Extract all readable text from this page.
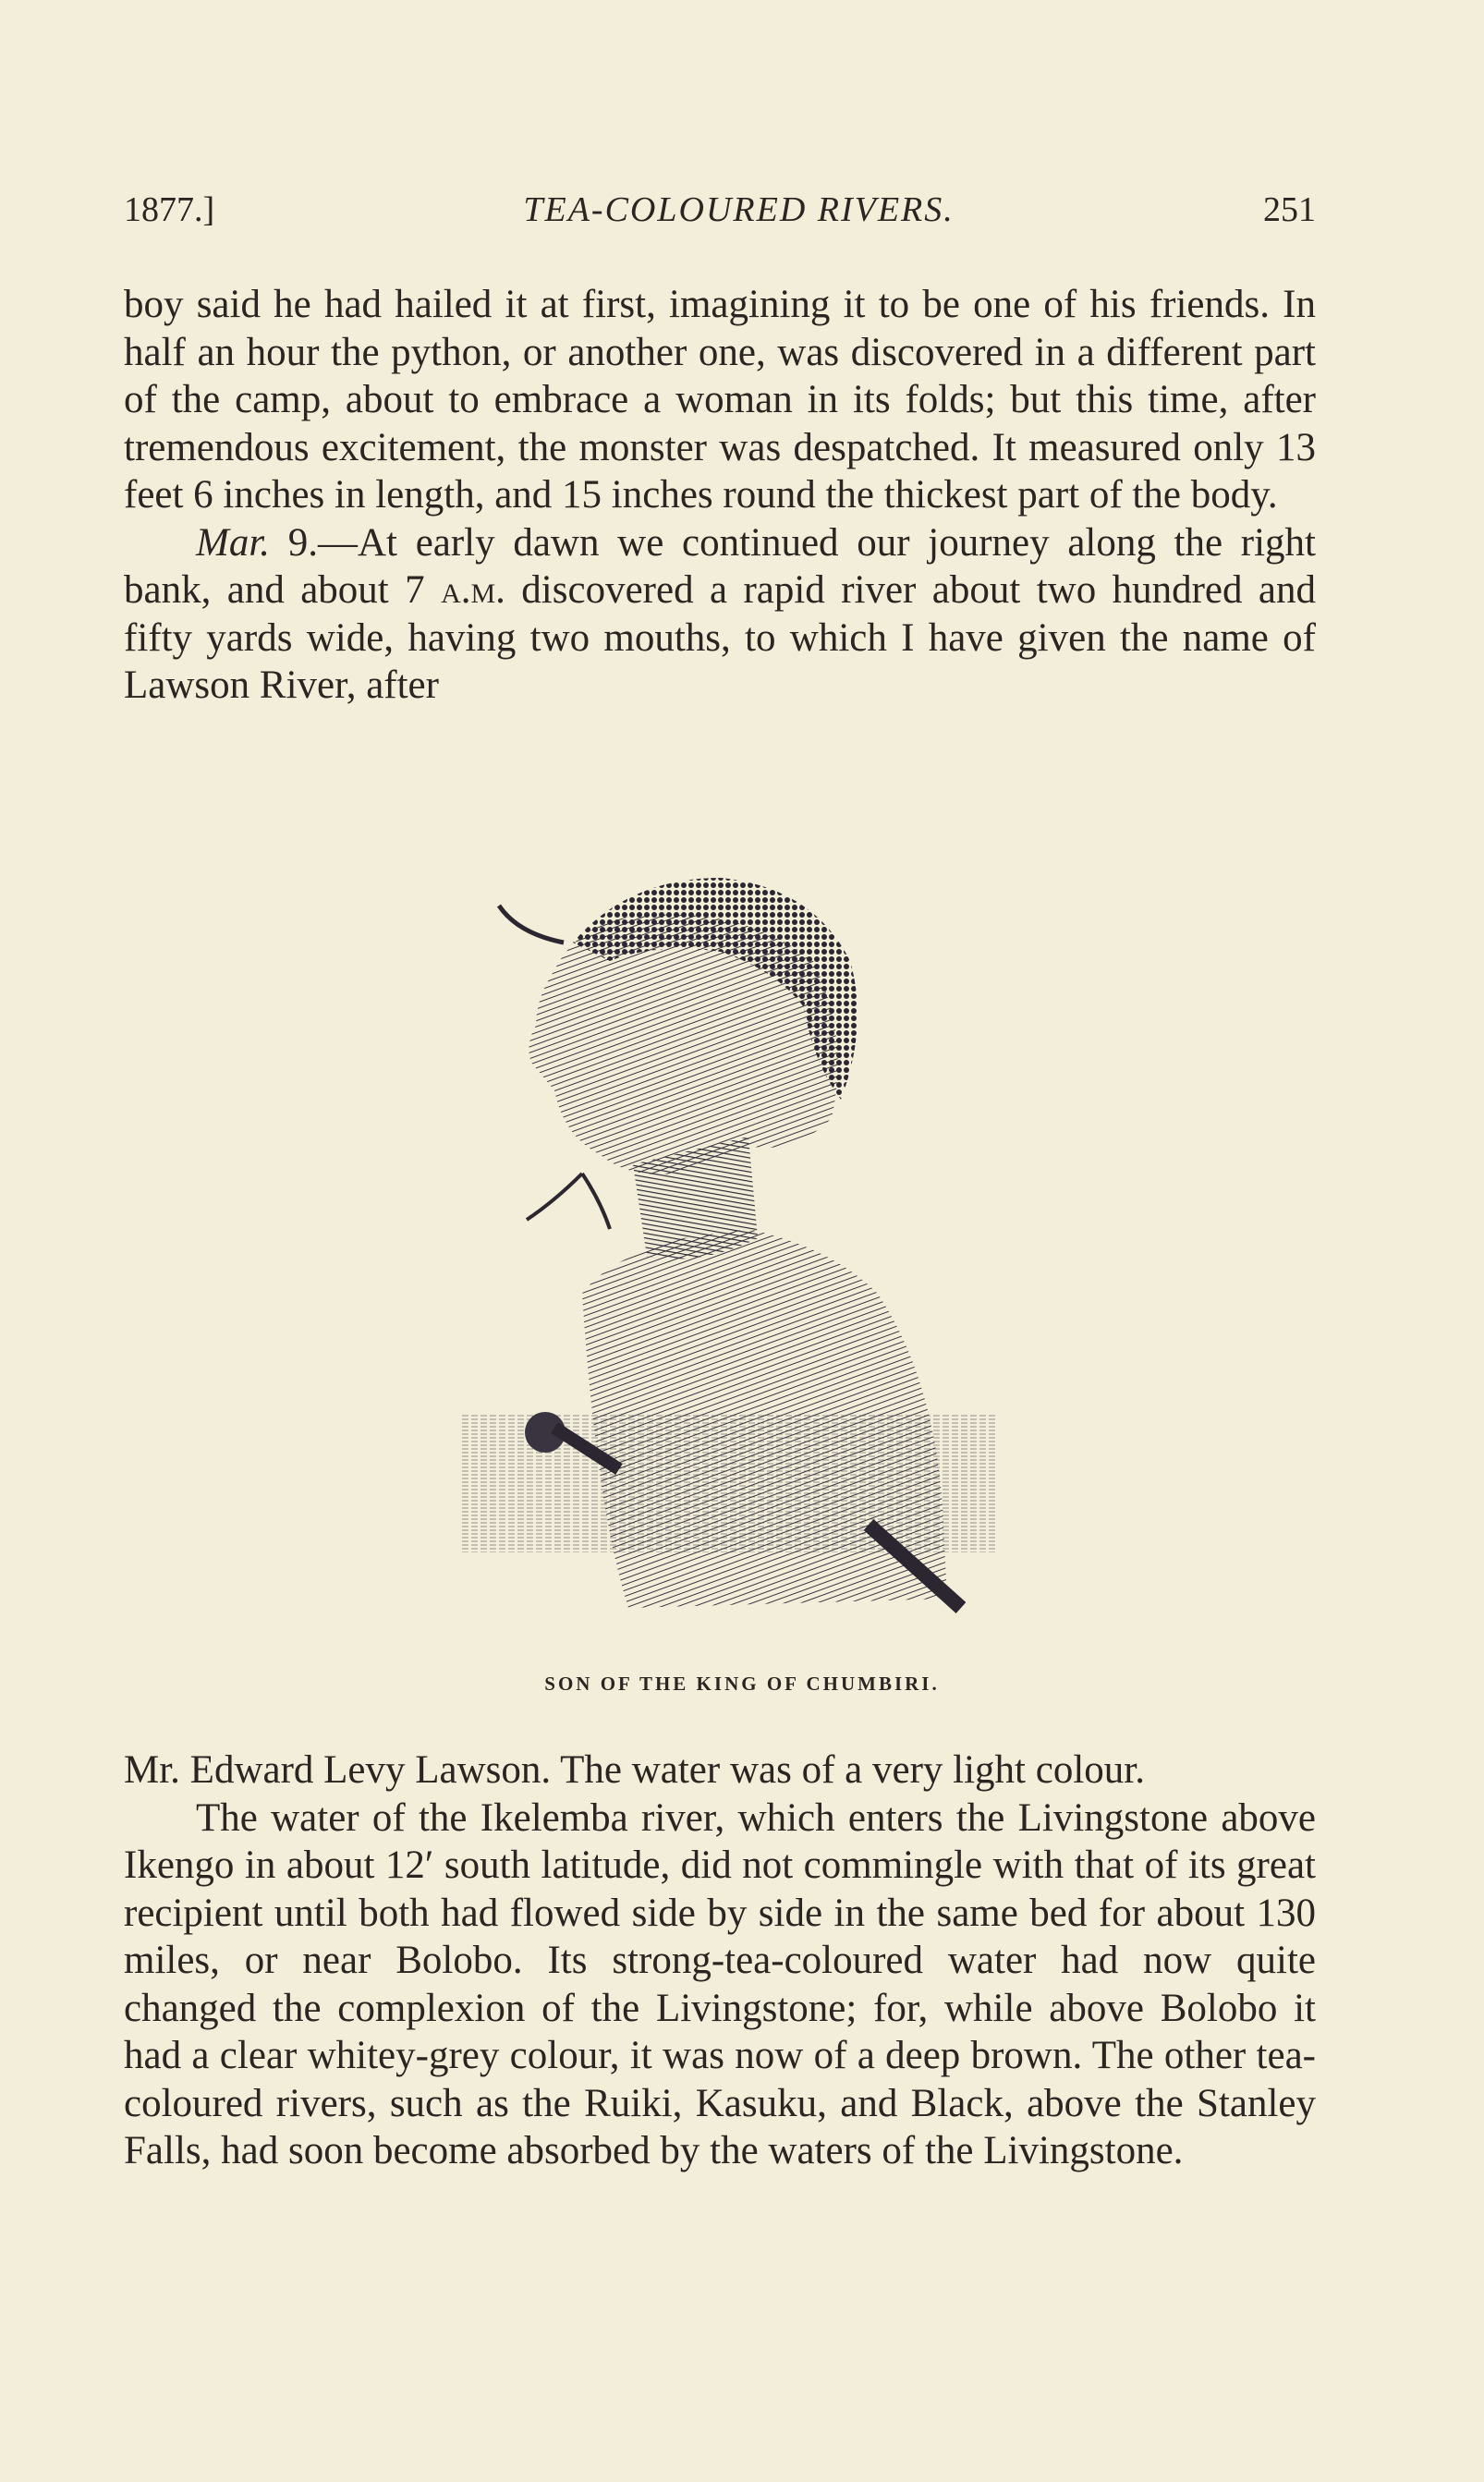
1877.]	TEA-COLOURED RIVERS.	251

boy said he had hailed it at first, imagining it to be one of his friends. In half an hour the python, or another one, was discovered in a different part of the camp, about to embrace a woman in its folds; but this time, after tremendous excitement, the monster was despatched. It measured only 13 feet 6 inches in length, and 15 inches round the thickest part of the body.

Mar. 9.—At early dawn we continued our journey along the right bank, and about 7 a.m. discovered a rapid river about two hundred and fifty yards wide, having two mouths, to which I have given the name of Lawson River, after

SON OF THE KING OF CHUMBIRI.

Mr. Edward Levy Lawson. The water was of a very light colour.

The water of the Ikelemba river, which enters the Livingstone above Ikengo in about 12′ south latitude, did not commingle with that of its great recipient until both had flowed side by side in the same bed for about 130 miles, or near Bolobo. Its strong-tea-coloured water had now quite changed the complexion of the Livingstone; for, while above Bolobo it had a clear whitey-grey colour, it was now of a deep brown. The other tea-coloured rivers, such as the Ruiki, Kasuku, and Black, above the Stanley Falls, had soon become absorbed by the waters of the Livingstone.
